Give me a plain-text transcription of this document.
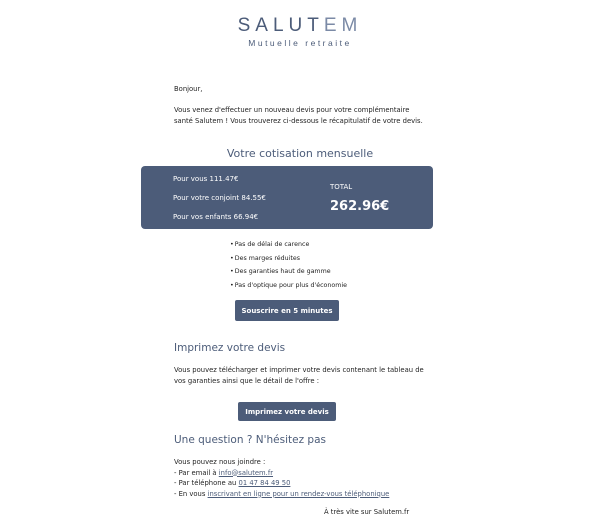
SALUTEM
Mutuelle retraite
Bonjour,
Vous venez d'effectuer un nouveau devis pour votre complémentaire
santé Salutem ! Vous trouverez ci-dessous le récapitulatif de votre devis.
Votre cotisation mensuelle
Pour vous 111.47€
Pour votre conjoint 84.55€
Pour vos enfants 66.94€
TOTAL
262.96€
• Pas de délai de carence
• Des marges réduites
• Des garanties haut de gamme
• Pas d'optique pour plus d'économie
Souscrire en 5 minutes
Imprimez votre devis
Vous pouvez télécharger et imprimer votre devis contenant le tableau de
vos garanties ainsi que le détail de l'offre :
Imprimez votre devis
Une question ? N'hésitez pas
Vous pouvez nous joindre :
- Par email à info@salutem.fr
- Par téléphone au 01 47 84 49 50
- En vous inscrivant en ligne pour un rendez-vous téléphonique
À très vite sur Salutem.fr
